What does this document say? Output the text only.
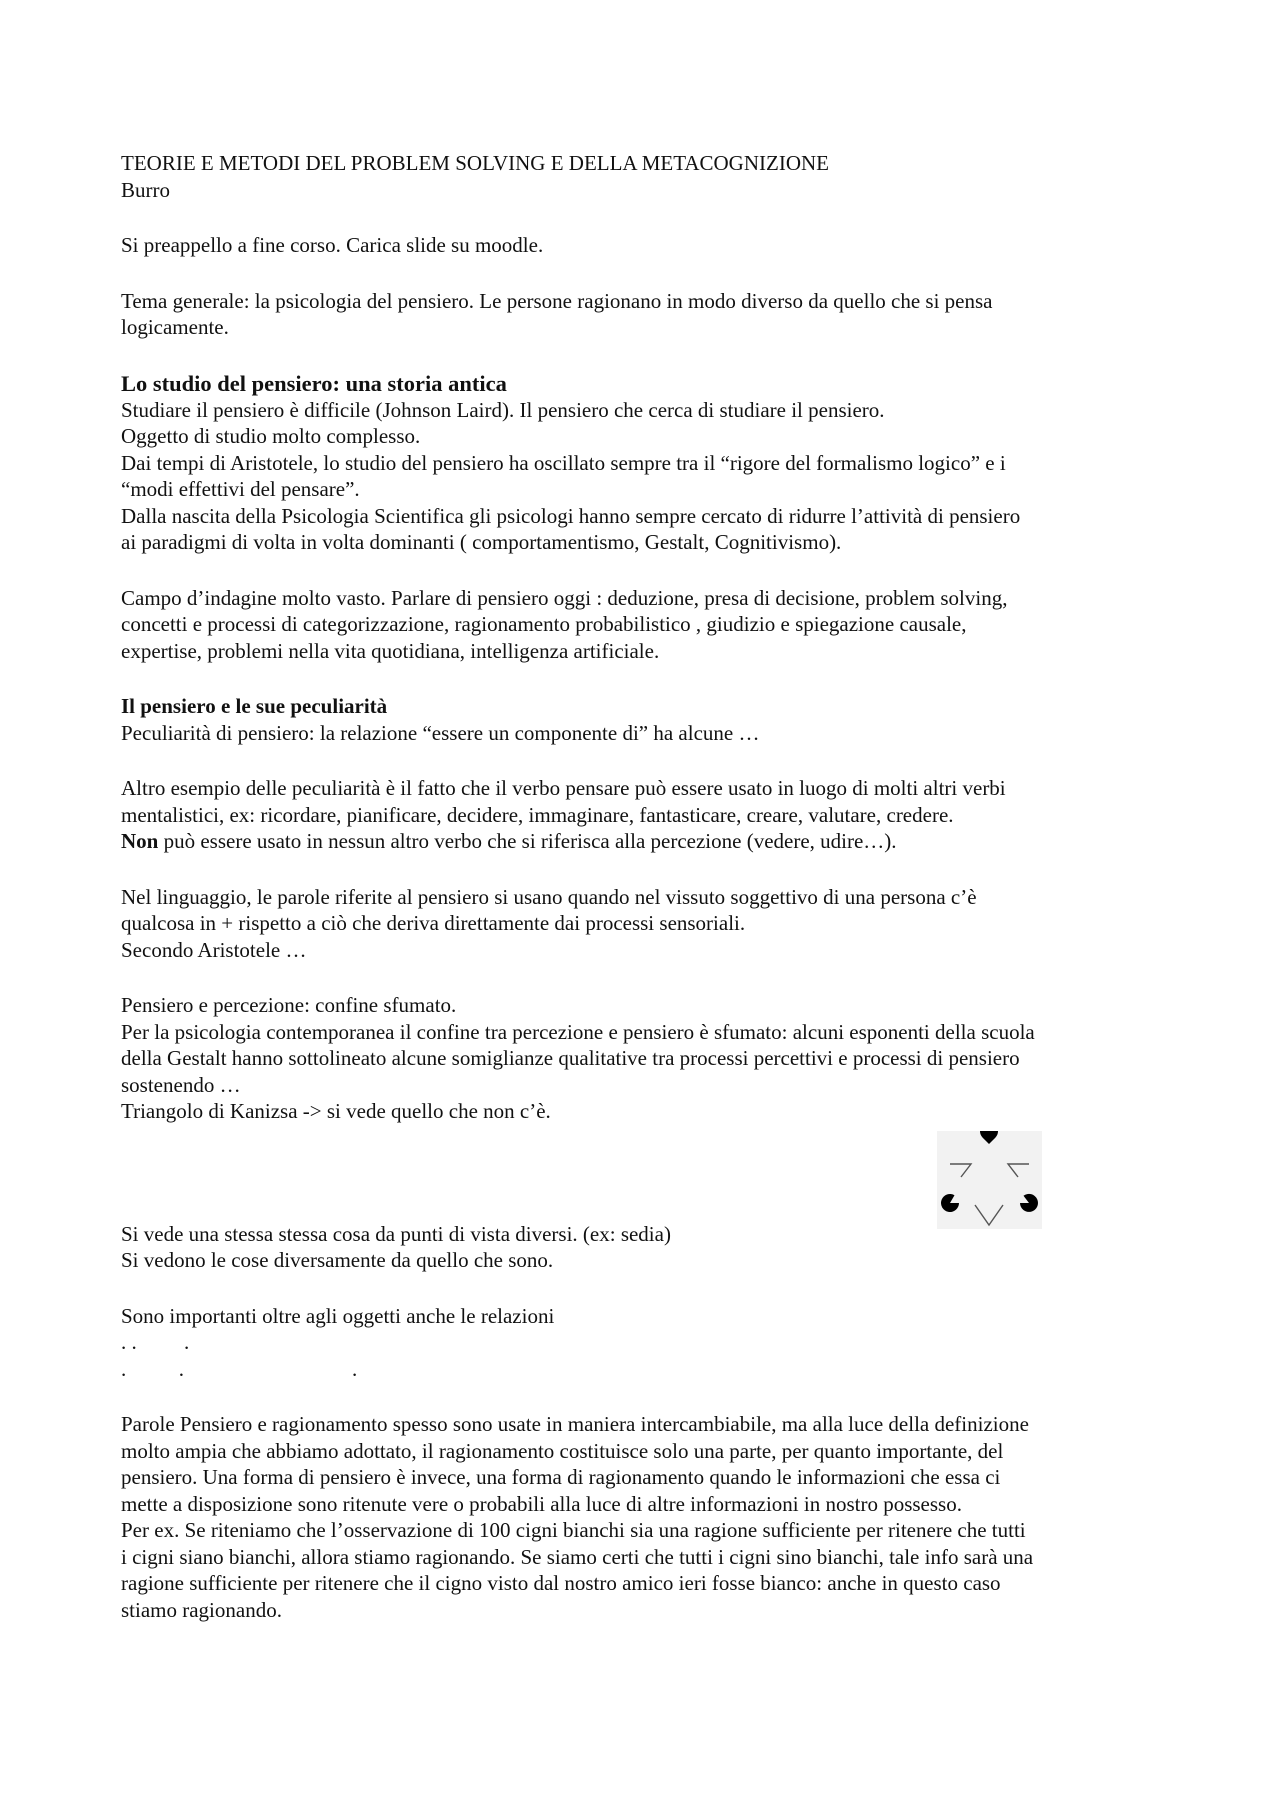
TEORIE E METODI DEL PROBLEM SOLVING E DELLA METACOGNIZIONE

Burro

Si preappello a fine corso. Carica slide su moodle.

Tema generale: la psicologia del pensiero. Le persone ragionano in modo diverso da quello che si pensa

logicamente.

Lo studio del pensiero: una storia antica

Studiare il pensiero è difficile (Johnson Laird). Il pensiero che cerca di studiare il pensiero.

Oggetto di studio molto complesso.

Dai tempi di Aristotele, lo studio del pensiero ha oscillato sempre tra il “rigore del formalismo logico” e i

“modi effettivi del pensare”.

Dalla nascita della Psicologia Scientifica gli psicologi hanno sempre cercato di ridurre l’attività di pensiero

ai paradigmi di volta in volta dominanti ( comportamentismo, Gestalt, Cognitivismo).

Campo d’indagine molto vasto. Parlare di pensiero oggi : deduzione, presa di decisione, problem solving,

concetti e processi di categorizzazione, ragionamento probabilistico , giudizio e spiegazione causale,

expertise, problemi nella vita quotidiana, intelligenza artificiale.

Il pensiero e le sue peculiarità

Peculiarità di pensiero: la relazione “essere un componente di” ha alcune …

Altro esempio delle peculiarità è il fatto che il verbo pensare può essere usato in luogo di molti altri verbi

mentalistici, ex: ricordare, pianificare, decidere, immaginare, fantasticare, creare, valutare, credere.

Non può essere usato in nessun altro verbo che si riferisca alla percezione (vedere, udire…).

Nel linguaggio, le parole riferite al pensiero si usano quando nel vissuto soggettivo di una persona c’è

qualcosa in + rispetto a ciò che deriva direttamente dai processi sensoriali.

Secondo Aristotele …

Pensiero e percezione: confine sfumato.

Per la psicologia contemporanea il confine tra percezione e pensiero è sfumato: alcuni esponenti della scuola

della Gestalt hanno sottolineato alcune somiglianze qualitative tra processi percettivi e processi di pensiero

sostenendo …

Triangolo di Kanizsa -> si vede quello che non c’è.

Si vede una stessa stessa cosa da punti di vista diversi. (ex: sedia)

Si vedono le cose diversamente da quello che sono.

Sono importanti oltre agli oggetti anche le relazioni

. .         .

.          .                                .

Parole Pensiero e ragionamento spesso sono usate in maniera intercambiabile, ma alla luce della definizione

molto ampia che abbiamo adottato, il ragionamento costituisce solo una parte, per quanto importante, del

pensiero. Una forma di pensiero è invece, una forma di ragionamento quando le informazioni che essa ci

mette a disposizione sono ritenute vere o probabili alla luce di altre informazioni in nostro possesso.

Per ex. Se riteniamo che l’osservazione di 100 cigni bianchi sia una ragione sufficiente per ritenere che tutti

i cigni siano bianchi, allora stiamo ragionando. Se siamo certi che tutti i cigni sino bianchi, tale info sarà una

ragione sufficiente per ritenere che il cigno visto dal nostro amico ieri fosse bianco: anche in questo caso

stiamo ragionando.
